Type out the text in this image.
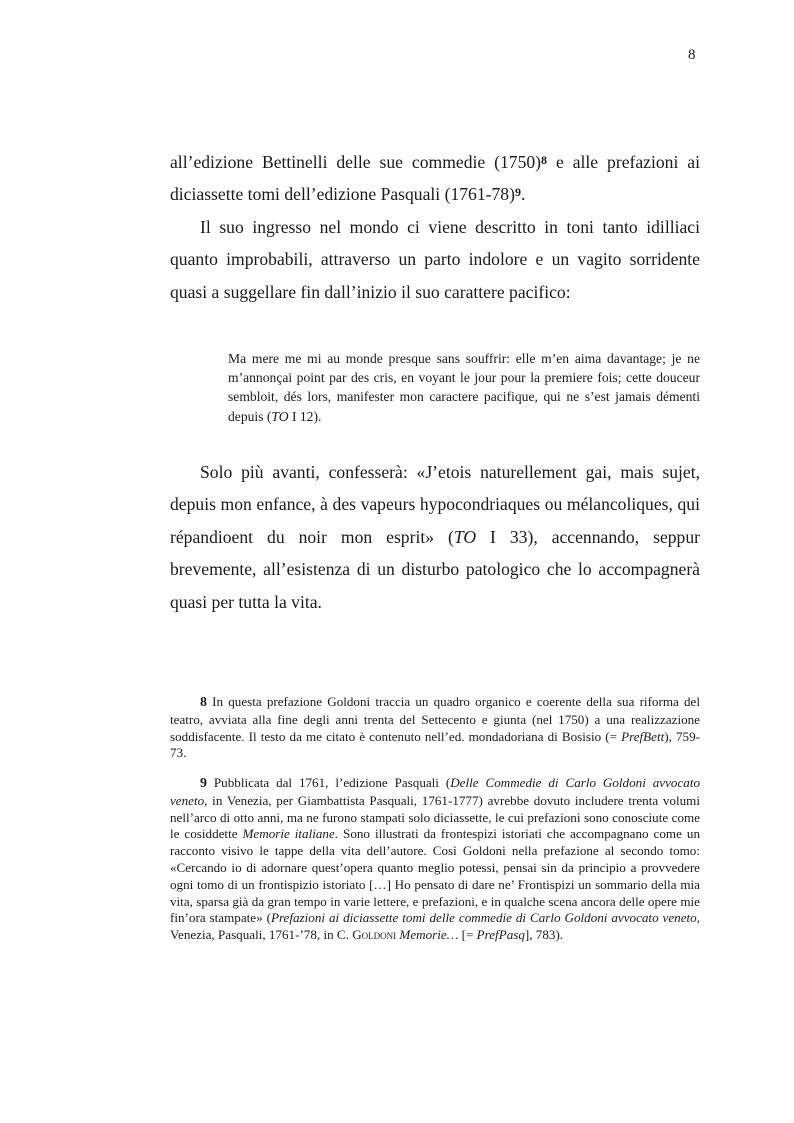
8

all’edizione Bettinelli delle sue commedie (1750)$^8$ e alle prefazioni ai diciassette tomi dell’edizione Pasquali (1761-78)$^9$.

Il suo ingresso nel mondo ci viene descritto in toni tanto idilliaci quanto improbabili, attraverso un parto indolore e un vagito sorridente quasi a suggellare fin dall’inizio il suo carattere pacifico:

Ma mere me mi au monde presque sans souffrir: elle m’en aima davantage; je ne m’annonçai point par des cris, en voyant le jour pour la premiere fois; cette douceur sembloit, dés lors, manifester mon caractere pacifique, qui ne s’est jamais démenti depuis (TO I 12).

Solo più avanti, confesserà: «J’etois naturellement gai, mais sujet, depuis mon enfance, à des vapeurs hypocondriaques ou mélancoliques, qui répandioent du noir mon esprit» (TO I 33), accennando, seppur brevemente, all’esistenza di un disturbo patologico che lo accompagnerà quasi per tutta la vita.

8 In questa prefazione Goldoni traccia un quadro organico e coerente della sua riforma del teatro, avviata alla fine degli anni trenta del Settecento e giunta (nel 1750) a una realizzazione soddisfacente. Il testo da me citato è contenuto nell’ed. mondadoriana di Bosisio (= PrefBett), 759-73.

9 Pubblicata dal 1761, l’edizione Pasquali (Delle Commedie di Carlo Goldoni avvocato veneto, in Venezia, per Giambattista Pasquali, 1761-1777) avrebbe dovuto includere trenta volumi nell’arco di otto anni, ma ne furono stampati solo diciassette, le cui prefazioni sono conosciute come le cosiddette Memorie italiane. Sono illustrati da frontespizi istoriati che accompagnano come un racconto visivo le tappe della vita dell’autore. Così Goldoni nella prefazione al secondo tomo: «Cercando io di adornare quest’opera quanto meglio potessi, pensai sin da principio a provvedere ogni tomo di un frontispizio istoriato […] Ho pensato di dare ne’ Frontispizi un sommario della mia vita, sparsa già da gran tempo in varie lettere, e prefazioni, e in qualche scena ancora delle opere mie fin’ora stampate» (Prefazioni ai diciassette tomi delle commedie di Carlo Goldoni avvocato veneto, Venezia, Pasquali, 1761-’78, in C. Goldoni Memorie… [= PrefPasq], 783).
